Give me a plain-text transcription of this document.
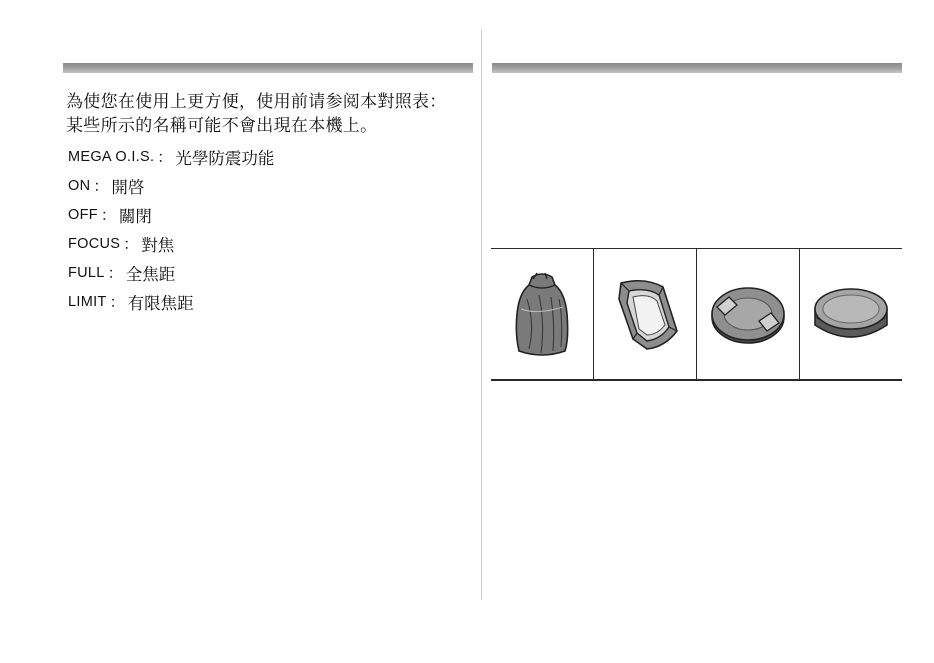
為使您在使用上更方便，使用前请参阅本對照表：
某些所示的名稱可能不會出現在本機上。
MEGA O.I.S. ： 光學防震功能
ON ： 開啓
OFF ： 關閉
FOCUS ： 對焦
FULL ： 全焦距
LIMIT ： 有限焦距
